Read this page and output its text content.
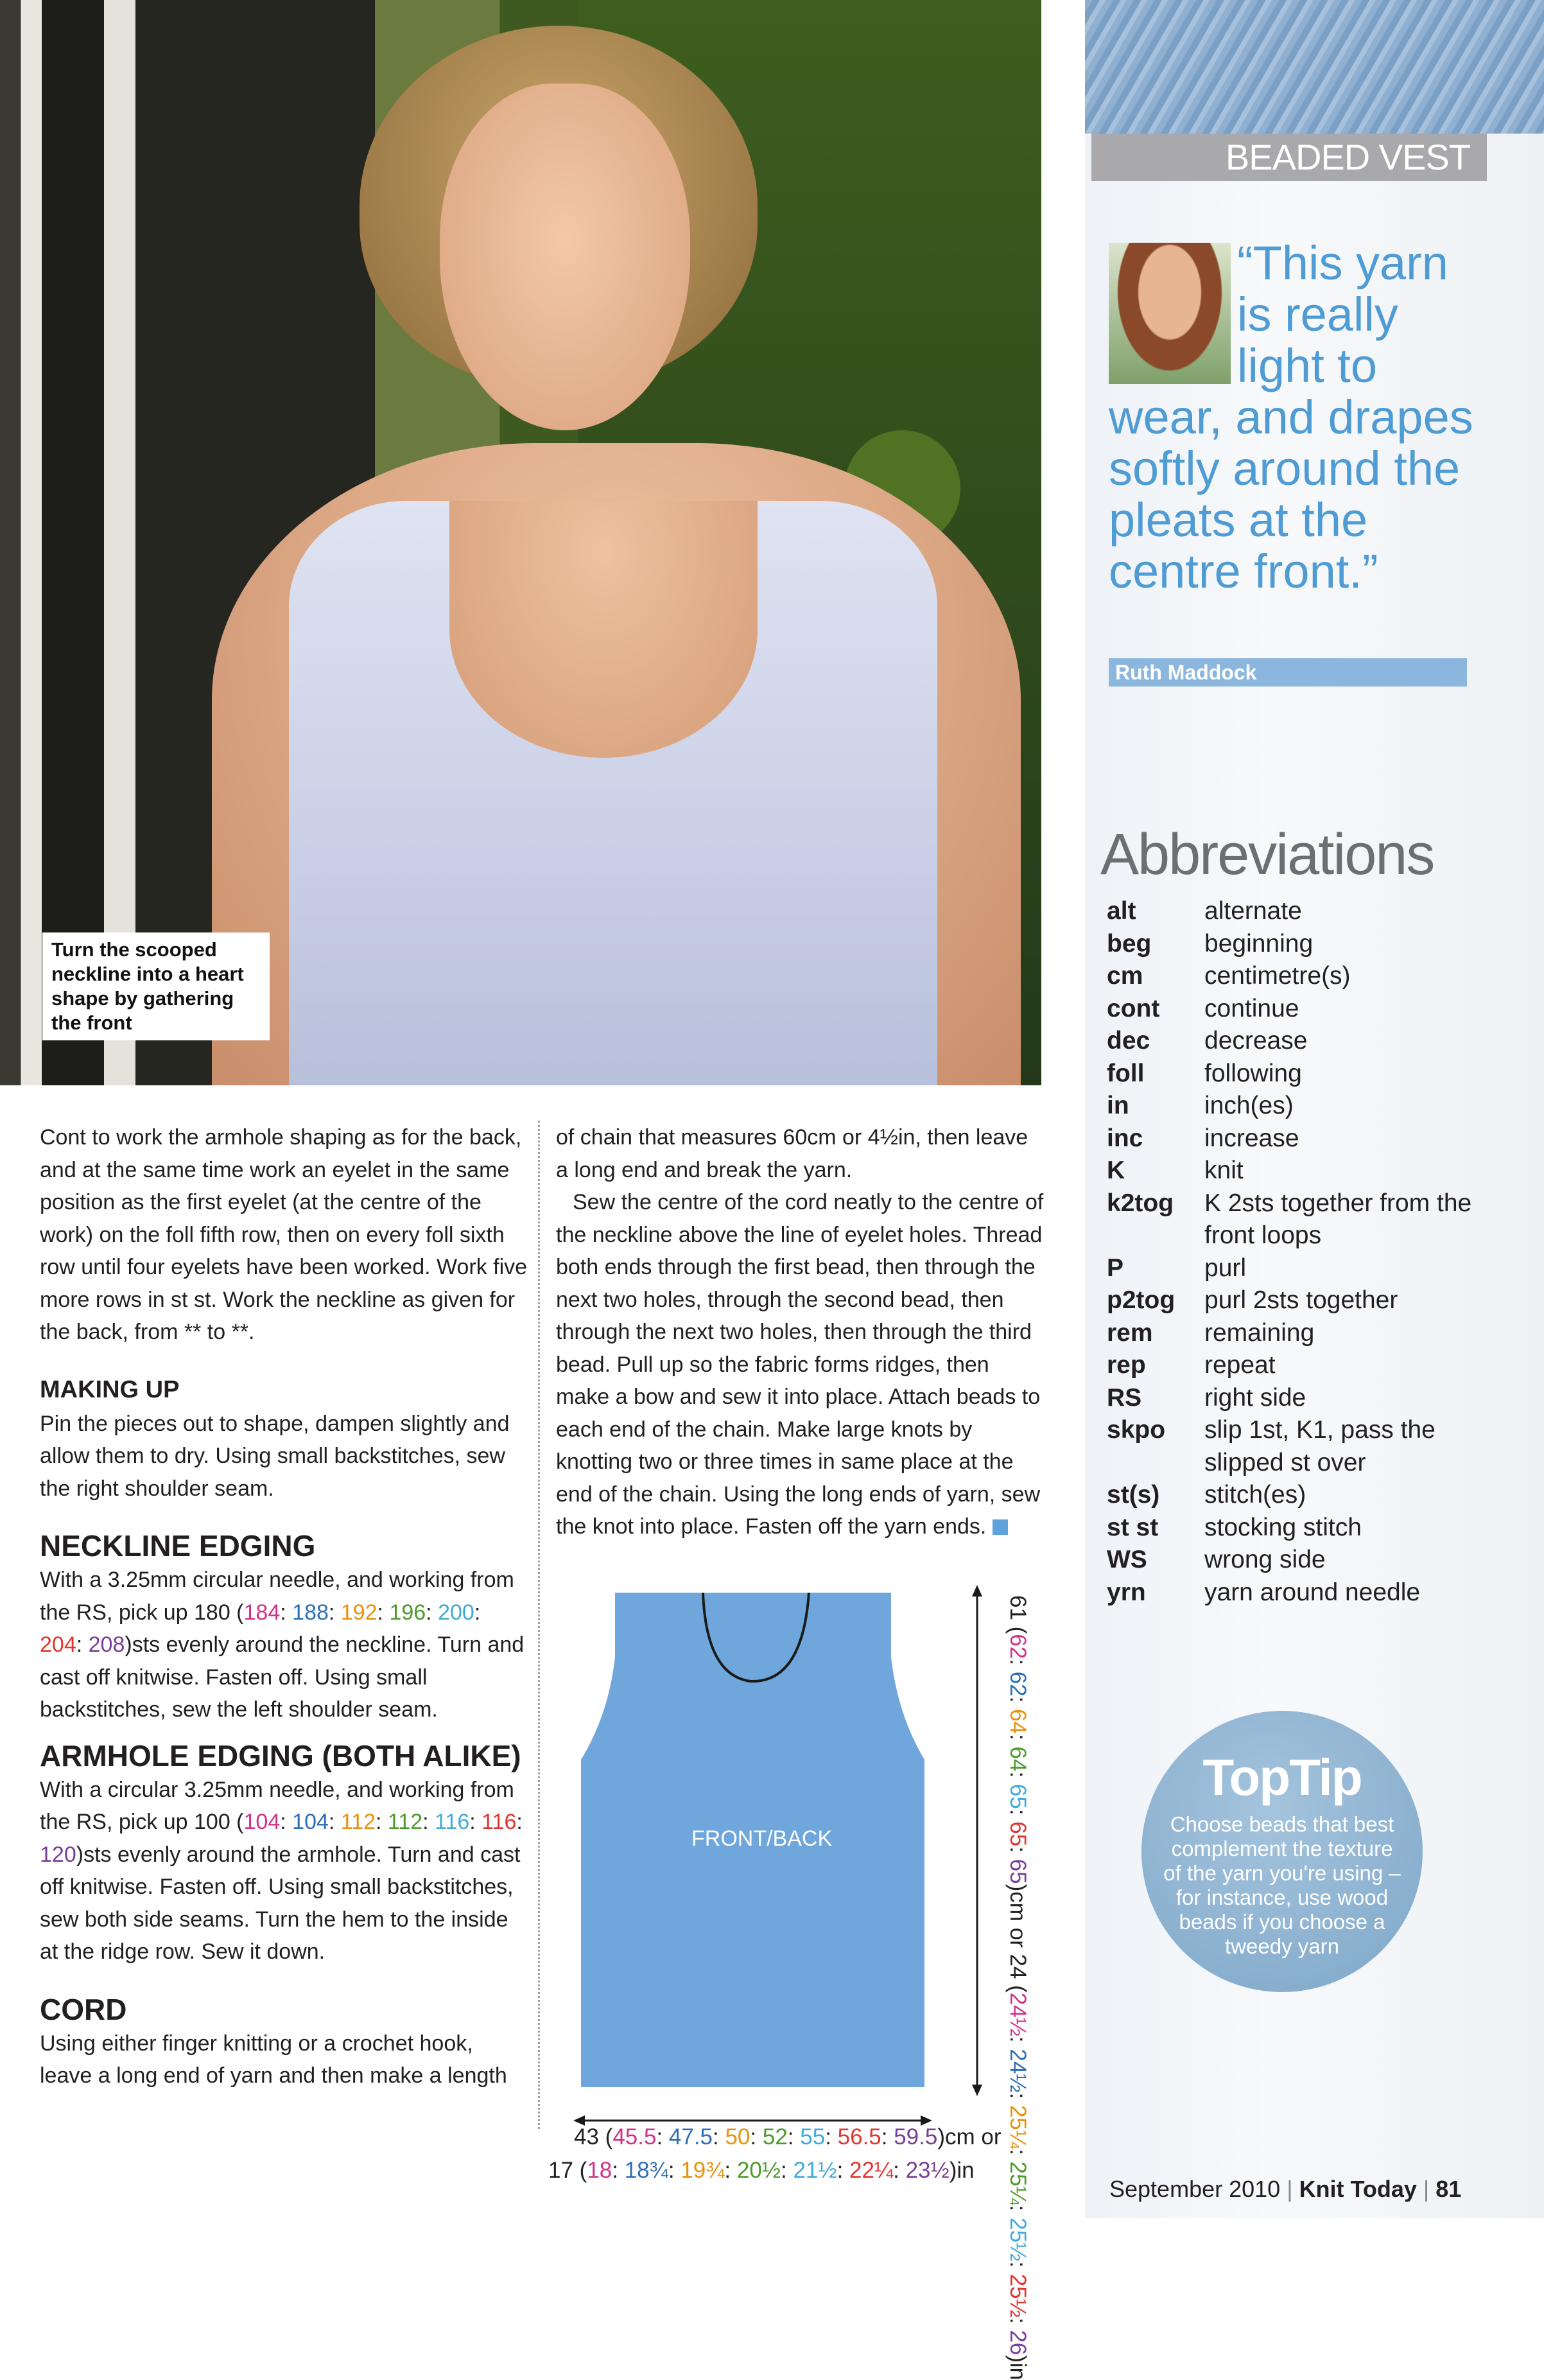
Turn the scooped neckline into a heart shape by gathering the front
BEADED VEST
“This yarn is really light to wear, and drapes softly around the pleats at the centre front.”
Ruth Maddock
Abbreviations
alt	alternate
beg	beginning
cm	centimetre(s)
cont	continue
dec	decrease
foll	following
in	inch(es)
inc	increase
K	knit
k2tog	K 2sts together from the front loops
P	purl
p2tog	purl 2sts together
rem	remaining
rep	repeat
RS	right side
skpo	slip 1st, K1, pass the slipped st over
st(s)	stitch(es)
st st	stocking stitch
WS	wrong side
yrn	yarn around needle
TopTip
Choose beads that best complement the texture of the yarn you're using – for instance, use wood beads if you choose a tweedy yarn
September 2010 | Knit Today | 81

Cont to work the armhole shaping as for the back, and at the same time work an eyelet in the same position as the first eyelet (at the centre of the work) on the foll fifth row, then on every foll sixth row until four eyelets have been worked. Work five more rows in st st. Work the neckline as given for the back, from ** to **.

MAKING UP

Pin the pieces out to shape, dampen slightly and allow them to dry. Using small backstitches, sew the right shoulder seam.

NECKLINE EDGING

With a 3.25mm circular needle, and working from the RS, pick up 180 (184: 188: 192: 196: 200: 204: 208)sts evenly around the neckline. Turn and cast off knitwise. Fasten off. Using small backstitches, sew the left shoulder seam.

ARMHOLE EDGING (BOTH ALIKE)

With a circular 3.25mm needle, and working from the RS, pick up 100 (104: 104: 112: 112: 116: 116: 120)sts evenly around the armhole. Turn and cast off knitwise. Fasten off. Using small backstitches, sew both side seams. Turn the hem to the inside at the ridge row. Sew it down.

CORD

Using either finger knitting or a crochet hook, leave a long end of yarn and then make a length

of chain that measures 60cm or 4½in, then leave a long end and break the yarn.

Sew the centre of the cord neatly to the centre of the neckline above the line of eyelet holes. Thread both ends through the first bead, then through the next two holes, through the second bead, then through the next two holes, then through the third bead. Pull up so the fabric forms ridges, then make a bow and sew it into place. Attach beads to each end of the chain. Make large knots by knotting two or three times in same place at the end of the chain. Using the long ends of yarn, sew the knot into place. Fasten off the yarn ends.

FRONT/BACK
43 (45.5: 47.5: 50: 52: 55: 56.5: 59.5)cm or
17 (18: 18¾: 19¾: 20½: 21½: 22¼: 23½)in
61 (62: 62: 64: 64: 65: 65: 65)cm or 24 (24½: 24½: 25¼: 25¼: 25½: 25½: 26)in
